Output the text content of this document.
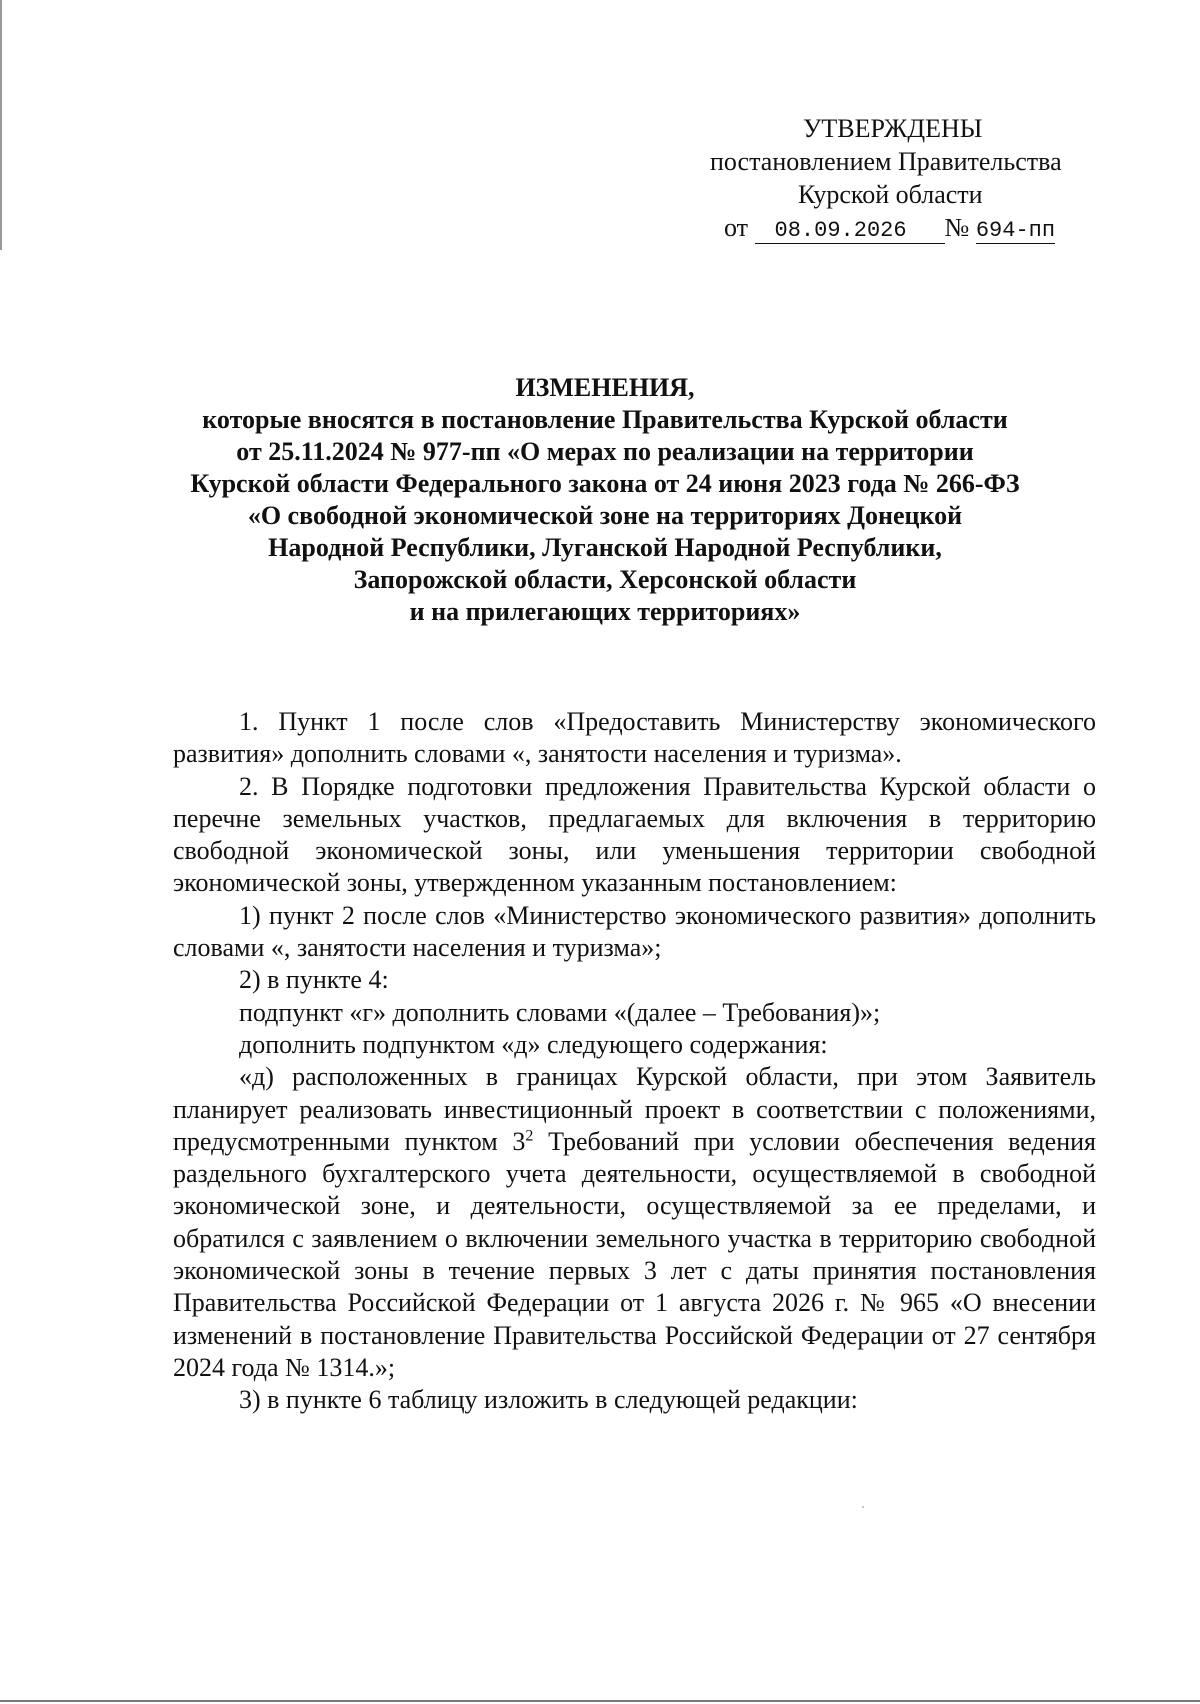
УТВЕРЖДЕНЫ
постановлением Правительства
Курской области
от 08.09.2026 № 694-пп
ИЗМЕНЕНИЯ,
которые вносятся в постановление Правительства Курской области
от 25.11.2024 № 977-пп «О мерах по реализации на территории
Курской области Федерального закона от 24 июня 2023 года № 266-ФЗ
«О свободной экономической зоне на территориях Донецкой
Народной Республики, Луганской Народной Республики,
Запорожской области, Херсонской области
и на прилегающих территориях»

1. Пункт 1 после слов «Предоставить Министерству экономического развития» дополнить словами «, занятости населения и туризма».

2. В Порядке подготовки предложения Правительства Курской области о перечне земельных участков, предлагаемых для включения в территорию свободной экономической зоны, или уменьшения территории свободной экономической зоны, утвержденном указанным постановлением:

1) пункт 2 после слов «Министерство экономического развития» дополнить словами «, занятости населения и туризма»;

2) в пункте 4:

подпункт «г» дополнить словами «(далее – Требования)»;

дополнить подпунктом «д» следующего содержания:

«д) расположенных в границах Курской области, при этом Заявитель планирует реализовать инвестиционный проект в соответствии с положениями, предусмотренными пунктом $3^2$ Требований при условии обеспечения ведения раздельного бухгалтерского учета деятельности, осуществляемой в свободной экономической зоне, и деятельности, осуществляемой за ее пределами, и обратился с заявлением о включении земельного участка в территорию свободной экономической зоны в течение первых 3 лет с даты принятия постановления Правительства Российской Федерации от 1 августа 2026 г. № 965 «О внесении изменений в постановление Правительства Российской Федерации от 27 сентября 2024 года № 1314.»;

3) в пункте 6 таблицу изложить в следующей редакции:
